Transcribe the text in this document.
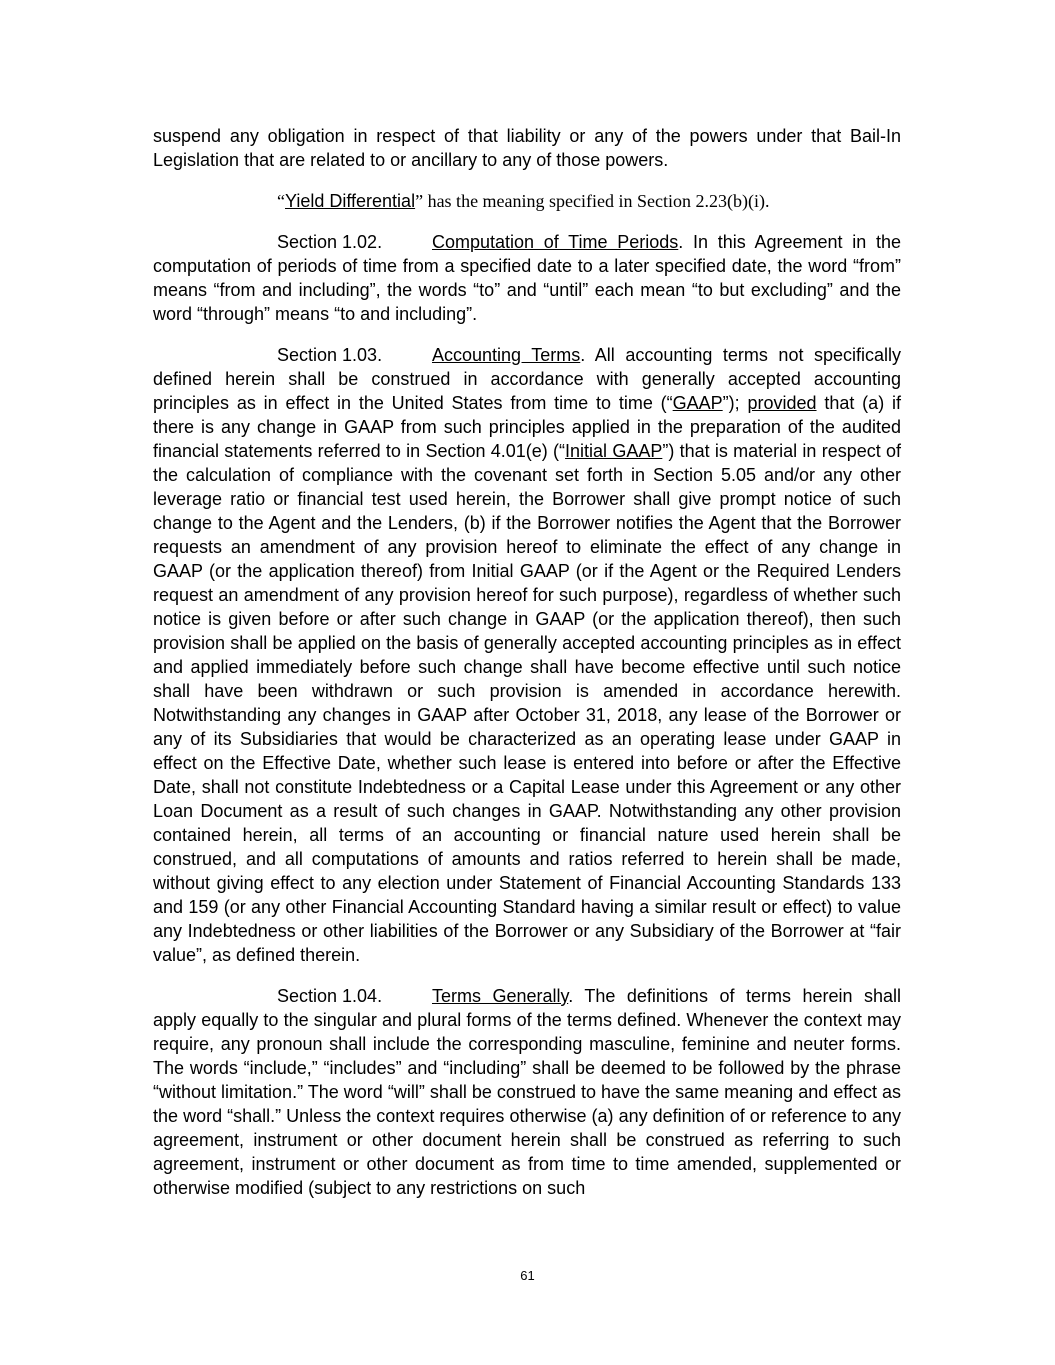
suspend any obligation in respect of that liability or any of the powers under that Bail-In Legislation that are related to or ancillary to any of those powers.

“Yield Differential” has the meaning specified in Section 2.23(b)(i).

Section 1.02.	Computation of Time Periods. In this Agreement in the computation of periods of time from a specified date to a later specified date, the word “from” means “from and including”, the words “to” and “until” each mean “to but excluding” and the word “through” means “to and including”.

Section 1.03.	Accounting Terms. All accounting terms not specifically defined herein shall be construed in accordance with generally accepted accounting principles as in effect in the United States from time to time (“GAAP”); provided that (a) if there is any change in GAAP from such principles applied in the preparation of the audited financial statements referred to in Section 4.01(e) (“Initial GAAP”) that is material in respect of the calculation of compliance with the covenant set forth in Section 5.05 and/or any other leverage ratio or financial test used herein, the Borrower shall give prompt notice of such change to the Agent and the Lenders, (b) if the Borrower notifies the Agent that the Borrower requests an amendment of any provision hereof to eliminate the effect of any change in GAAP (or the application thereof) from Initial GAAP (or if the Agent or the Required Lenders request an amendment of any provision hereof for such purpose), regardless of whether such notice is given before or after such change in GAAP (or the application thereof), then such provision shall be applied on the basis of generally accepted accounting principles as in effect and applied immediately before such change shall have become effective until such notice shall have been withdrawn or such provision is amended in accordance herewith. Notwithstanding any changes in GAAP after October 31, 2018, any lease of the Borrower or any of its Subsidiaries that would be characterized as an operating lease under GAAP in effect on the Effective Date, whether such lease is entered into before or after the Effective Date, shall not constitute Indebtedness or a Capital Lease under this Agreement or any other Loan Document as a result of such changes in GAAP. Notwithstanding any other provision contained herein, all terms of an accounting or financial nature used herein shall be construed, and all computations of amounts and ratios referred to herein shall be made, without giving effect to any election under Statement of Financial Accounting Standards 133 and 159 (or any other Financial Accounting Standard having a similar result or effect) to value any Indebtedness or other liabilities of the Borrower or any Subsidiary of the Borrower at “fair value”, as defined therein.

Section 1.04.	Terms Generally. The definitions of terms herein shall apply equally to the singular and plural forms of the terms defined. Whenever the context may require, any pronoun shall include the corresponding masculine, feminine and neuter forms. The words “include,” “includes” and “including” shall be deemed to be followed by the phrase “without limitation.” The word “will” shall be construed to have the same meaning and effect as the word “shall.” Unless the context requires otherwise (a) any definition of or reference to any agreement, instrument or other document herein shall be construed as referring to such agreement, instrument or other document as from time to time amended, supplemented or otherwise modified (subject to any restrictions on such

61
